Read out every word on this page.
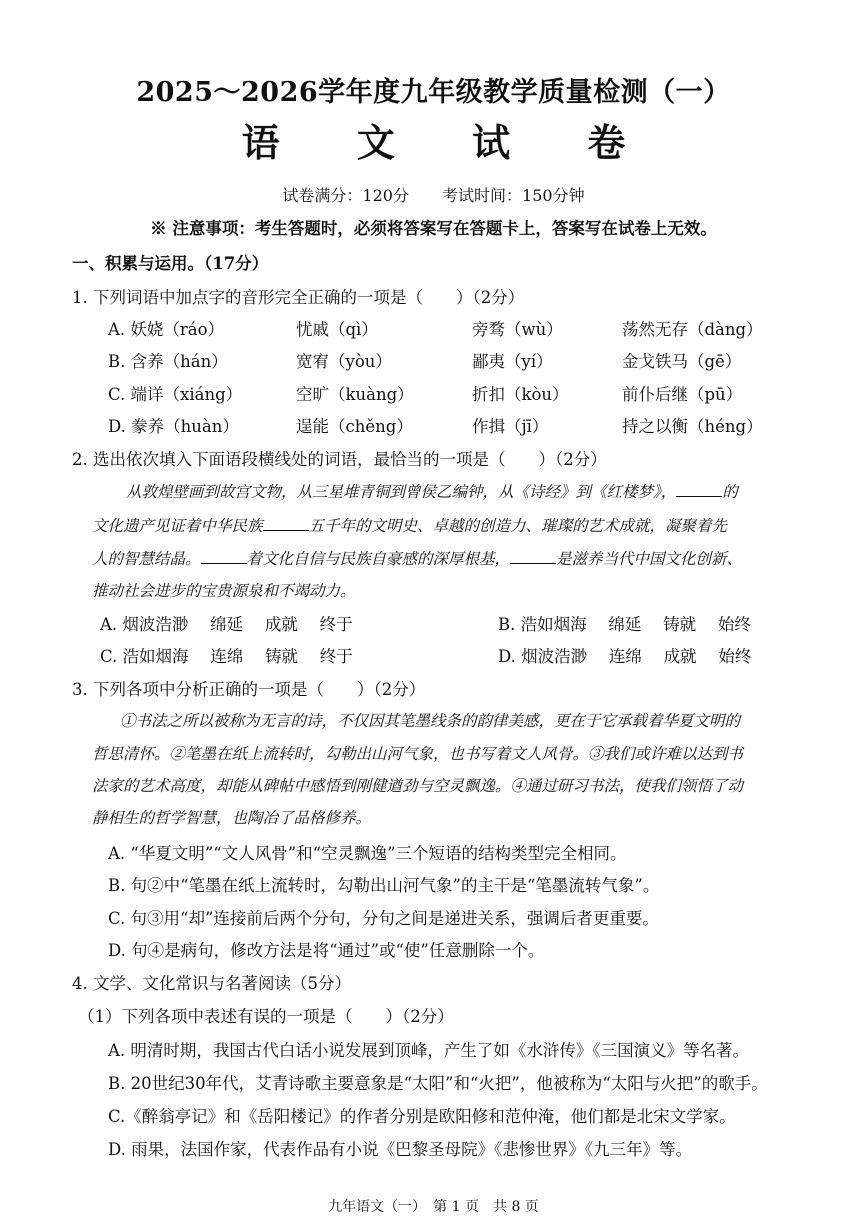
2025～2026学年度九年级教学质量检测（一）
语 文 试 卷
试卷满分：120分 考试时间：150分钟
※ 注意事项：考生答题时，必须将答案写在答题卡上，答案写在试卷上无效。
一、积累与运用。（17分）
1. 下列词语中加点字的音形完全正确的一项是（　　）（2分）
A. 妖娆（ráo）	忧戚（qì）	旁骛（wù）	荡然无存（dàng）
B. 含养（hán）	宽宥（yòu）	鄙夷（yí）	金戈铁马（gē）
C. 端详（xiáng）	空旷（kuàng）	折扣（kòu）	前仆后继（pū）
D. 豢养（huàn）	逞能（chěng）	作揖（jī）	持之以衡（héng）
2. 选出依次填入下面语段横线处的词语，最恰当的一项是（　　）（2分）
从敦煌壁画到故宫文物，从三星堆青铜到曾侯乙编钟，从《诗经》到《红楼梦》，	的
文化遗产见证着中华民族	五千年的文明史、卓越的创造力、璀璨的艺术成就，凝聚着先
人的智慧结晶。	着文化自信与民族自豪感的深厚根基，	是滋养当代中国文化创新、
推动社会进步的宝贵源泉和不竭动力。
A. 烟波浩渺　 绵延　 成就　 终于	B. 浩如烟海　 绵延　 铸就　 始终
C. 浩如烟海　 连绵　 铸就　 终于	D. 烟波浩渺　 连绵　 成就　 始终
3. 下列各项中分析正确的一项是（　　）（2分）
①书法之所以被称为无言的诗，不仅因其笔墨线条的韵律美感，更在于它承载着华夏文明的
哲思清怀。②笔墨在纸上流转时，勾勒出山河气象，也书写着文人风骨。③我们或许难以达到书
法家的艺术高度，却能从碑帖中感悟到刚健遒劲与空灵飘逸。④通过研习书法，使我们领悟了动
静相生的哲学智慧，也陶冶了品格修养。
A. “华夏文明”“文人风骨”和“空灵飘逸”三个短语的结构类型完全相同。
B. 句②中“笔墨在纸上流转时，勾勒出山河气象”的主干是“笔墨流转气象”。
C. 句③用“却”连接前后两个分句，分句之间是递进关系，强调后者更重要。
D. 句④是病句，修改方法是将“通过”或“使”任意删除一个。
4. 文学、文化常识与名著阅读（5分）
（1）下列各项中表述有误的一项是（　　）（2分）
A. 明清时期，我国古代白话小说发展到顶峰，产生了如《水浒传》《三国演义》等名著。
B. 20世纪30年代，艾青诗歌主要意象是“太阳”和“火把”，他被称为“太阳与火把”的歌手。
C.《醉翁亭记》和《岳阳楼记》的作者分别是欧阳修和范仲淹，他们都是北宋文学家。
D. 雨果，法国作家，代表作品有小说《巴黎圣母院》《悲惨世界》《九三年》等。
九年语文（一）　第 1 页　共 8 页
